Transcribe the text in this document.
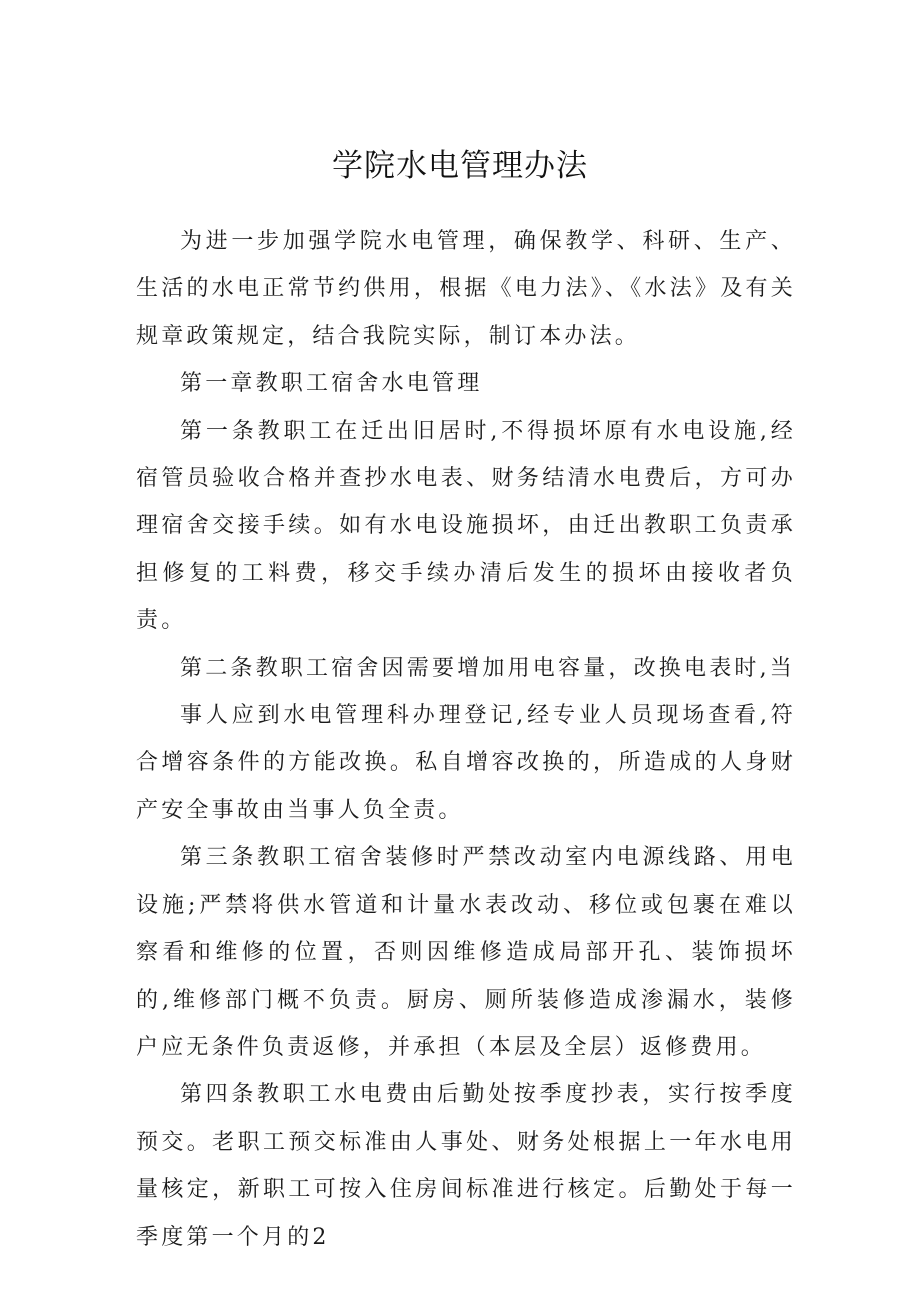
学院水电管理办法

为进一步加强学院水电管理，确保教学、科研、生产、生活的水电正常节约供用，根据《电力法》、《水法》及有关规章政策规定，结合我院实际，制订本办法。

第一章教职工宿舍水电管理

第一条教职工在迁出旧居时,不得损坏原有水电设施,经宿管员验收合格并查抄水电表、财务结清水电费后，方可办理宿舍交接手续。如有水电设施损坏，由迁出教职工负责承担修复的工料费，移交手续办清后发生的损坏由接收者负责。

第二条教职工宿舍因需要增加用电容量，改换电表时,当

事人应到水电管理科办理登记,经专业人员现场查看,符合增容条件的方能改换。私自增容改换的，所造成的人身财产安全事故由当事人负全责。

第三条教职工宿舍装修时严禁改动室内电源线路、用电设施;严禁将供水管道和计量水表改动、移位或包裹在难以察看和维修的位置，否则因维修造成局部开孔、装饰损坏的,维修部门概不负责。厨房、厕所装修造成渗漏水，装修户应无条件负责返修，并承担（本层及全层）返修费用。

第四条教职工水电费由后勤处按季度抄表，实行按季度预交。老职工预交标准由人事处、财务处根据上一年水电用量核定，新职工可按入住房间标准进行核定。后勤处于每一季度第一个月的2
